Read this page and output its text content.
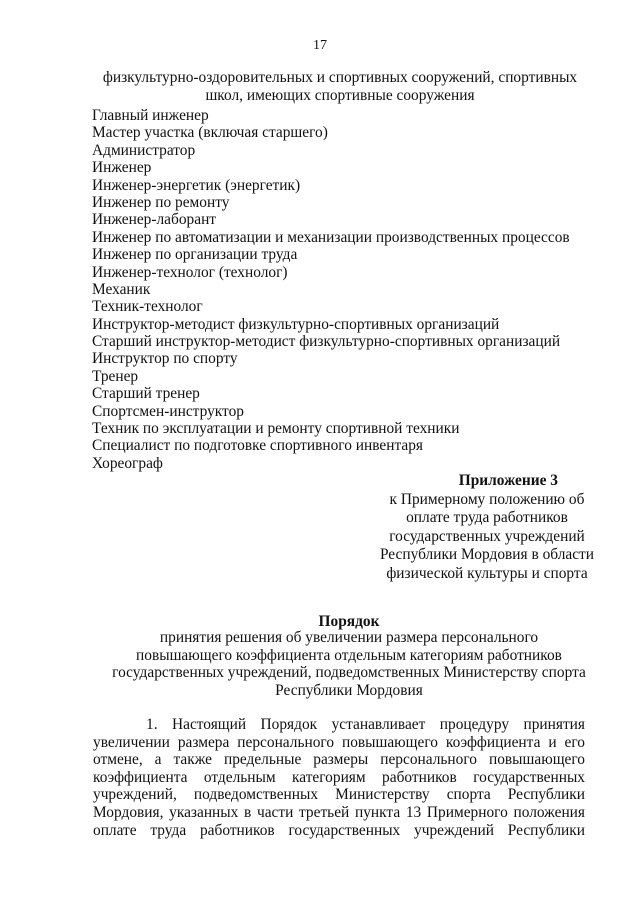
17
физкультурно-оздоровительных и спортивных сооружений, спортивных
школ, имеющих спортивные сооружения
Главный инженер
Мастер участка (включая старшего)
Администратор
Инженер
Инженер-энергетик (энергетик)
Инженер по ремонту
Инженер-лаборант
Инженер по автоматизации и механизации производственных процессов
Инженер по организации труда
Инженер-технолог (технолог)
Механик
Техник-технолог
Инструктор-методист физкультурно-спортивных организаций
Старший инструктор-методист физкультурно-спортивных организаций
Инструктор по спорту
Тренер
Старший тренер
Спортсмен-инструктор
Техник по эксплуатации и ремонту спортивной техники
Специалист по подготовке спортивного инвентаря
Хореограф
Приложение 3
к Примерному положению об
оплате труда работников
государственных учреждений
Республики Мордовия в области
физической культуры и спорта
Порядок
принятия решения об увеличении размера персонального
повышающего коэффициента отдельным категориям работников
государственных учреждений, подведомственных Министерству спорта
Республики Мордовия
1. Настоящий Порядок устанавливает процедуру принятия
увеличении размера персонального повышающего коэффициента и его
отмене, а также предельные размеры персонального повышающего
коэффициента отдельным категориям работников государственных
учреждений, подведомственных Министерству спорта Республики
Мордовия, указанных в части третьей пункта 13 Примерного положения
оплате труда работников государственных учреждений Республики
